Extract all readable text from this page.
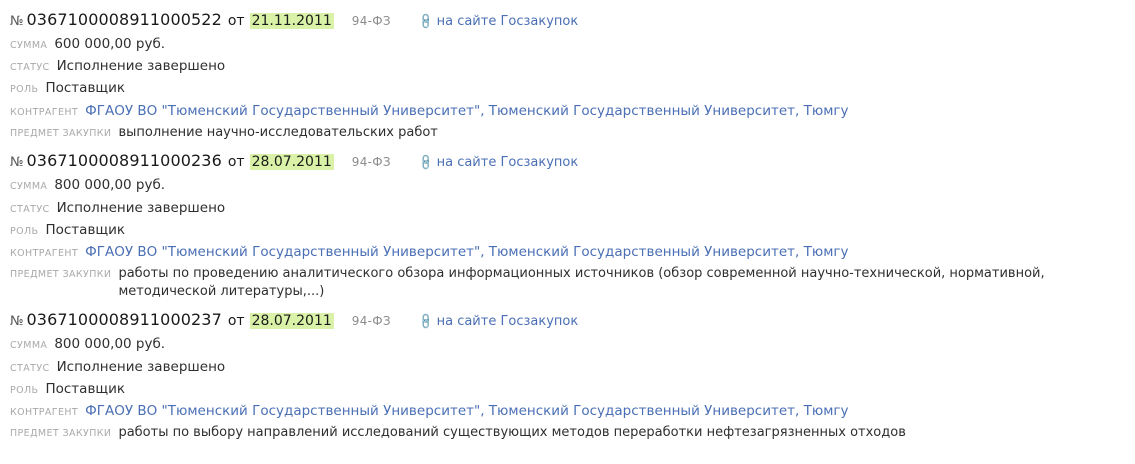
№ 0367100008911000522 от 21.11.2011 94-ФЗ 🔗на сайте Госзакупок
СУММА 600 000,00 руб.
СТАТУС Исполнение завершено
РОЛЬ Поставщик
КОНТРАГЕНТ ФГАОУ ВО "Тюменский Государственный Университет", Тюменский Государственный Университет, Тюмгу
ПРЕДМЕТ ЗАКУПКИ выполнение научно-исследовательских работ
№ 0367100008911000236 от 28.07.2011 94-ФЗ 🔗на сайте Госзакупок
СУММА 800 000,00 руб.
СТАТУС Исполнение завершено
РОЛЬ Поставщик
КОНТРАГЕНТ ФГАОУ ВО "Тюменский Государственный Университет", Тюменский Государственный Университет, Тюмгу
ПРЕДМЕТ ЗАКУПКИ работы по проведению аналитического обзора информационных источников (обзор современной научно-технической, нормативной, методической литературы,...)
№ 0367100008911000237 от 28.07.2011 94-ФЗ 🔗на сайте Госзакупок
СУММА 800 000,00 руб.
СТАТУС Исполнение завершено
РОЛЬ Поставщик
КОНТРАГЕНТ ФГАОУ ВО "Тюменский Государственный Университет", Тюменский Государственный Университет, Тюмгу
ПРЕДМЕТ ЗАКУПКИ работы по выбору направлений исследований существующих методов переработки нефтезагрязненных отходов
